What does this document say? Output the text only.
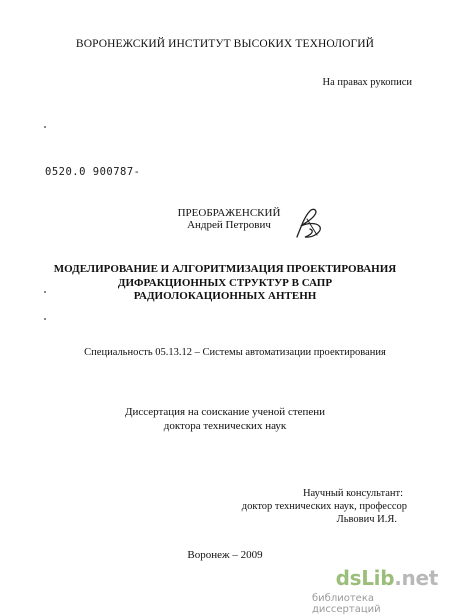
ВОРОНЕЖСКИЙ ИНСТИТУТ ВЫСОКИХ ТЕХНОЛОГИЙ
На правах рукописи
0520.0 900787-
ПРЕОБРАЖЕНСКИЙ
Андрей Петрович
МОДЕЛИРОВАНИЕ И АЛГОРИТМИЗАЦИЯ ПРОЕКТИРОВАНИЯ
ДИФРАКЦИОННЫХ СТРУКТУР В САПР
РАДИОЛОКАЦИОННЫХ АНТЕНН
Специальность 05.13.12 – Системы автоматизации проектирования
Диссертация на соискание ученой степени
доктора технических наук
Научный консультант:
доктор технических наук, профессор
Львович И.Я.
Воронеж – 2009
dsLib.net
библиотека диссертаций
